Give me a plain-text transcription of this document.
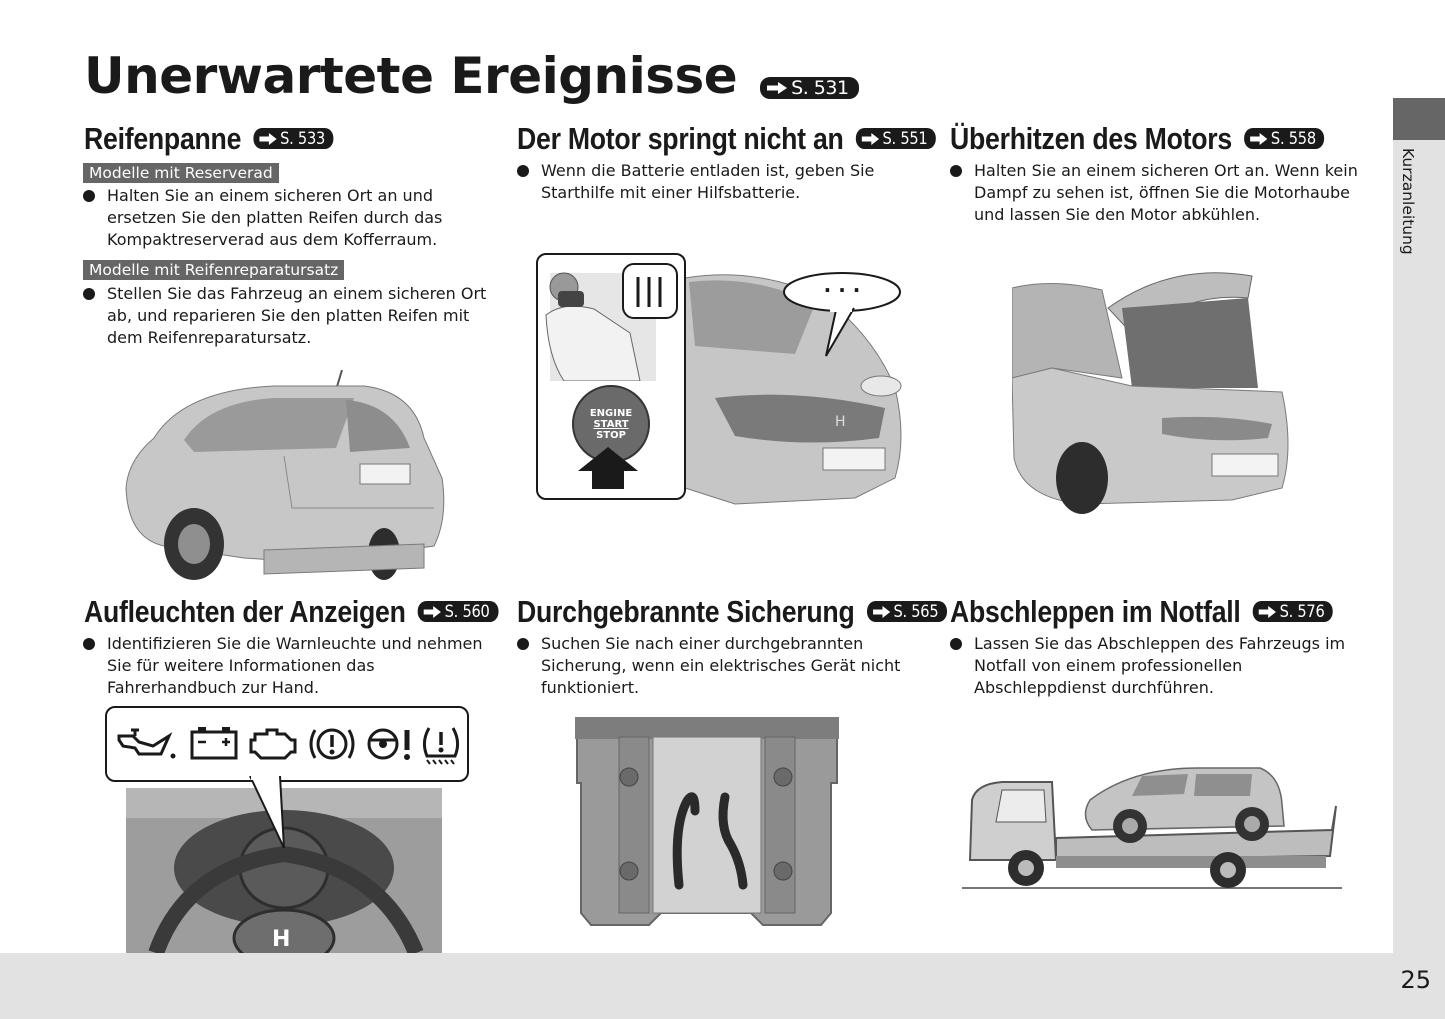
Unerwartete Ereignisse	S. 531
Kurzanleitung
Reifenpanne S. 533
Modelle mit Reserverad
Halten Sie an einem sicheren Ort an und
ersetzen Sie den platten Reifen durch das
Kompaktreserverad aus dem Kofferraum.
Modelle mit Reifenreparatursatz
Stellen Sie das Fahrzeug an einem sicheren Ort
ab, und reparieren Sie den platten Reifen mit
dem Reifenreparatursatz.
Der Motor springt nicht an S. 551
Wenn die Batterie entladen ist, geben Sie
Starthilfe mit einer Hilfsbatterie.
H
· · ·
ENGINE
START
STOP
Überhitzen des Motors S. 558
Halten Sie an einem sicheren Ort an. Wenn kein
Dampf zu sehen ist, öffnen Sie die Motorhaube
und lassen Sie den Motor abkühlen.
Aufleuchten der Anzeigen S. 560
Identifizieren Sie die Warnleuchte und nehmen
Sie für weitere Informationen das
Fahrerhandbuch zur Hand.
H
Durchgebrannte Sicherung S. 565
Suchen Sie nach einer durchgebrannten
Sicherung, wenn ein elektrisches Gerät nicht
funktioniert.
Abschleppen im Notfall S. 576
Lassen Sie das Abschleppen des Fahrzeugs im
Notfall von einem professionellen
Abschleppdienst durchführen.
25
